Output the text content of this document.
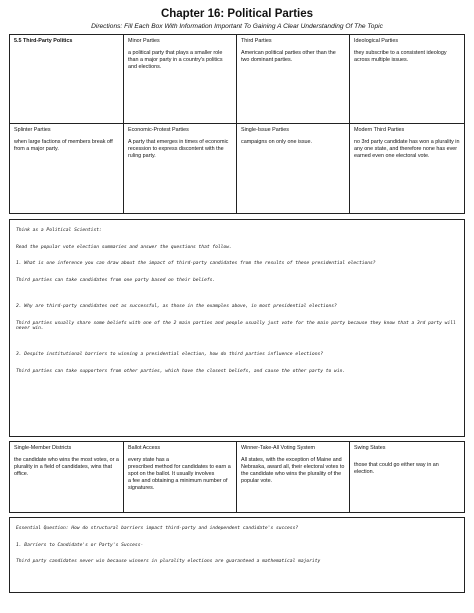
Chapter 16: Political Parties
Directions: Fill Each Box With Information Important To Gaining A Clear Understanding Of The Topic
5.5 Third-Party Politics	Minor Parties
a political party that plays a smaller role than a major party in a country's politics and elections.
Third Parties
American political parties other than the two dominant parties.
Ideological Parties
they subscribe to a consistent ideology across multiple issues.
Splinter Parties
when large factions of members break off from a major party.
Economic-Protest Parties
A party that emerges in times of economic recession to express discontent with the ruling party.
Single-Issue Parties
campaigns on only one issue.
Modern Third Parties
no 3rd party candidate has won a plurality in any one state, and therefore none has ever earned even one electoral vote.

Think as a Political Scientist:

Read the popular vote election summaries and answer the questions that follow.

1. What is one inference you can draw about the impact of third-party candidates from the results of these presidential elections?

Third parties can take candidates from one party based on their beliefs.

2. Why are third-party candidates not as successful, as those in the examples above, in most presidential elections?

Third parties usually share some beliefs with one of the 2 main parties and people usually just vote for the main party because they know that a 3rd party will never win.

3. Despite institutional barriers to winning a presidential election, how do third parties influence elections?

Third parties can take supporters from other parties, which have the closest beliefs, and cause the other party to win.

Single-Member Districts
the candidate who wins the most votes, or a plurality in a field of candidates, wins that office.
Ballot Access
every state has a
prescribed method for candidates to earn a spot on the ballot. It usually involves
a fee and obtaining a minimum number of signatures.
Winner-Take-All Voting System
All states, with the exception of Maine and Nebraska, award all, their electoral votes to the candidate who wins the plurality of the popular vote.
Swing States
those that could go either way in an election.

Essential Question: How do structural barriers impact third-party and independent candidate's success?

1. Barriers to Candidate's or Party's Success-

Third party candidates never win because winners in plurality elections are guaranteed a mathematical majority
